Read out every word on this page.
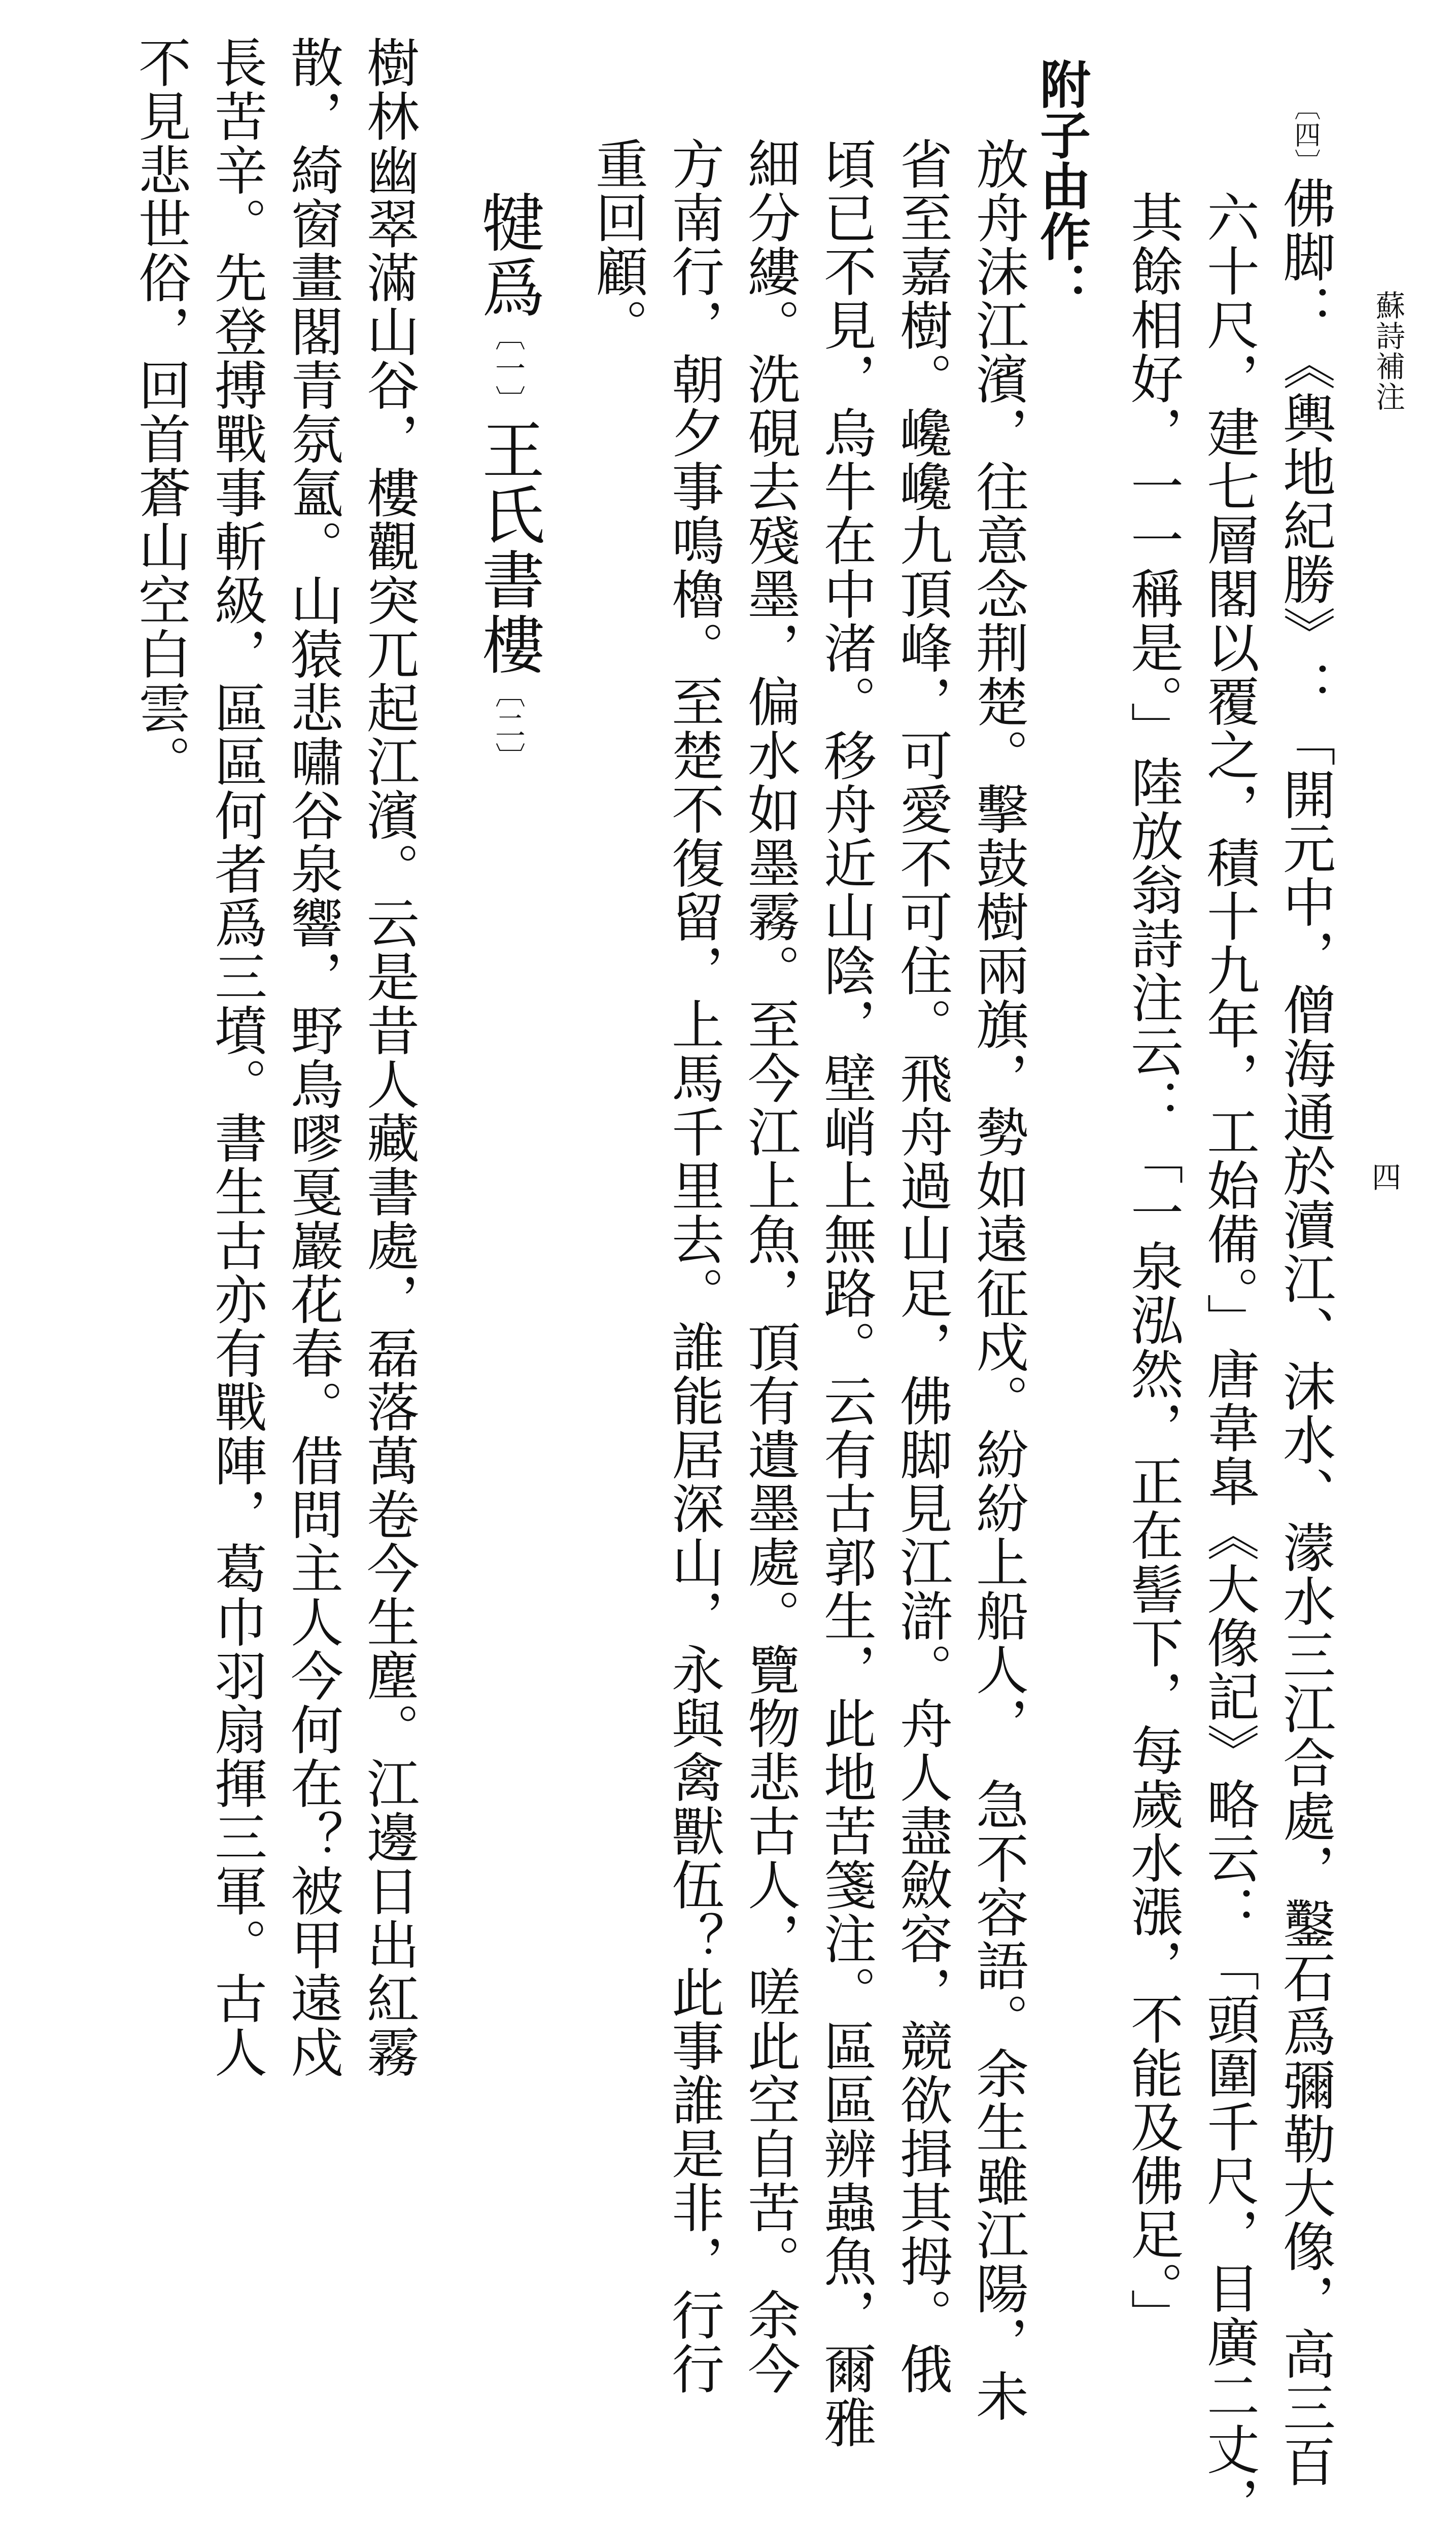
蘇詩補注
四
〔四〕佛脚：《輿地紀勝》：「開元中，僧海通於瀆江、沫水、濛水三江合處，鑿石爲彌勒大像，高三百
六十尺，建七層閣以覆之，積十九年，工始備。」唐韋臯《大像記》略云：「頭圍千尺，目廣二丈，
其餘相好，一一稱是。」陸放翁詩注云：「一泉泓然，正在髻下，每歲水漲，不能及佛足。」
附子由作：
放舟沫江濱，往意念荆楚。擊鼓樹兩旗，勢如遠征戍。紛紛上船人，　急不容語。余生雖江陽，未
省至嘉樹。巉巉九頂峰，可愛不可住。飛舟過山足，佛脚見江滸。舟人盡斂容，競欲揖其拇。俄
頃已不見，烏牛在中渚。移舟近山陰，壁峭上無路。云有古郭生，此地苦箋注。區區辨蟲魚，爾雅
細分縷。洗硯去殘墨，偏水如墨霧。至今江上魚，頂有遺墨處。覽物悲古人，嗟此空自苦。余今
方南行，朝夕事鳴櫓。至楚不復留，上馬千里去。誰能居深山，永與禽獸伍？此事誰是非，行行
重回顧。
犍爲〔一〕王氏書樓〔二〕
樹林幽翠滿山谷，樓觀突兀起江濱。云是昔人藏書處，磊落萬卷今生塵。江邊日出紅霧
散，綺窗畫閣青氛氳。山猿悲嘯谷泉響，野鳥嘐戛巖花春。借問主人今何在？被甲遠戍
長苦辛。先登搏戰事斬級，區區何者爲三墳。書生古亦有戰陣，葛巾羽扇揮三軍。古人
不見悲世俗，回首蒼山空白雲。
